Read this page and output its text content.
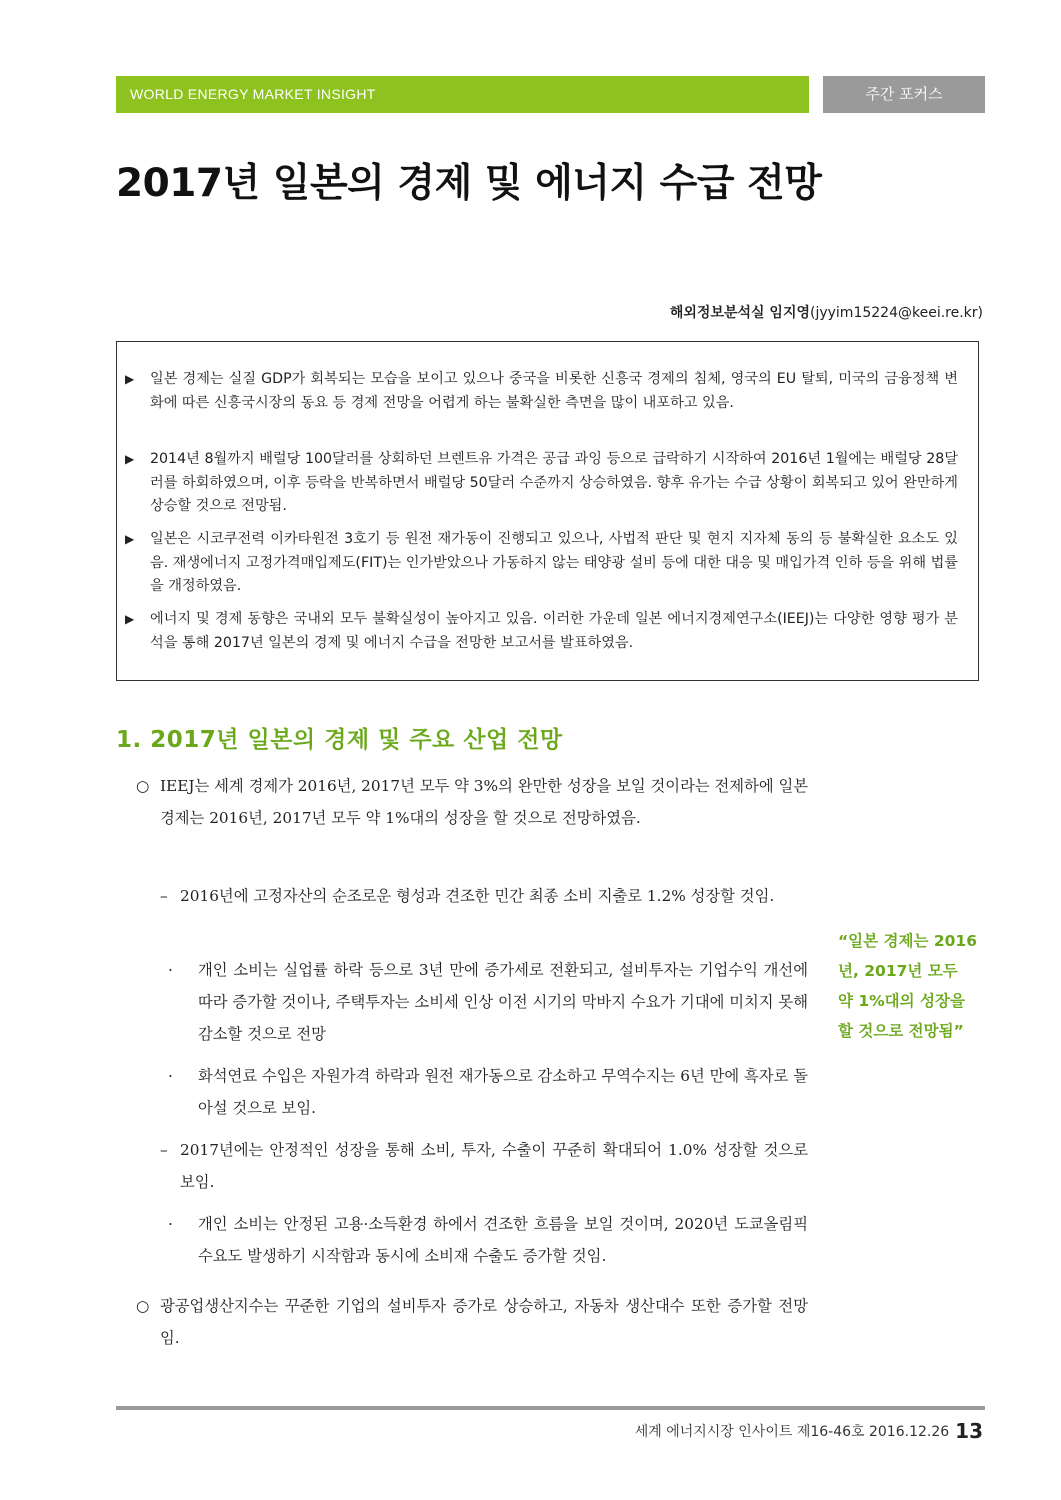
WORLD ENERGY MARKET INSIGHT	주간 포커스
2017년 일본의 경제 및 에너지 수급 전망
해외정보분석실 임지영(jyyim15224@keei.re.kr)
▶ 일본 경제는 실질 GDP가 회복되는 모습을 보이고 있으나 중국을 비롯한 신흥국 경제의 침체, 영국의 EU 탈퇴, 미국의 금융정책 변화에 따른 신흥국시장의 동요 등 경제 전망을 어렵게 하는 불확실한 측면을 많이 내포하고 있음.
▶ 2014년 8월까지 배럴당 100달러를 상회하던 브렌트유 가격은 공급 과잉 등으로 급락하기 시작하여 2016년 1월에는 배럴당 28달러를 하회하였으며, 이후 등락을 반복하면서 배럴당 50달러 수준까지 상승하였음. 향후 유가는 수급 상황이 회복되고 있어 완만하게 상승할 것으로 전망됨.
▶ 일본은 시코쿠전력 이카타원전 3호기 등 원전 재가동이 진행되고 있으나, 사법적 판단 및 현지 지자체 동의 등 불확실한 요소도 있음. 재생에너지 고정가격매입제도(FIT)는 인가받았으나 가동하지 않는 태양광 설비 등에 대한 대응 및 매입가격 인하 등을 위해 법률을 개정하였음.
▶ 에너지 및 경제 동향은 국내외 모두 불확실성이 높아지고 있음. 이러한 가운데 일본 에너지경제연구소(IEEJ)는 다양한 영향 평가 분석을 통해 2017년 일본의 경제 및 에너지 수급을 전망한 보고서를 발표하였음.
1. 2017년 일본의 경제 및 주요 산업 전망
○ IEEJ는 세계 경제가 2016년, 2017년 모두 약 3%의 완만한 성장을 보일 것이라는 전제하에 일본 경제는 2016년, 2017년 모두 약 1%대의 성장을 할 것으로 전망하였음.
– 2016년에 고정자산의 순조로운 형성과 견조한 민간 최종 소비 지출로 1.2% 성장할 것임.
· 개인 소비는 실업률 하락 등으로 3년 만에 증가세로 전환되고, 설비투자는 기업수익 개선에 따라 증가할 것이나, 주택투자는 소비세 인상 이전 시기의 막바지 수요가 기대에 미치지 못해 감소할 것으로 전망
· 화석연료 수입은 자원가격 하락과 원전 재가동으로 감소하고 무역수지는 6년 만에 흑자로 돌아설 것으로 보임.
– 2017년에는 안정적인 성장을 통해 소비, 투자, 수출이 꾸준히 확대되어 1.0% 성장할 것으로 보임.
· 개인 소비는 안정된 고용·소득환경 하에서 견조한 흐름을 보일 것이며, 2020년 도쿄올림픽 수요도 발생하기 시작함과 동시에 소비재 수출도 증가할 것임.
○ 광공업생산지수는 꾸준한 기업의 설비투자 증가로 상승하고, 자동차 생산대수 또한 증가할 전망임.
“일본 경제는 2016년, 2017년 모두 약 1%대의 성장을 할 것으로 전망됨”
세계 에너지시장 인사이트 제16-46호 2016.12.26 13
